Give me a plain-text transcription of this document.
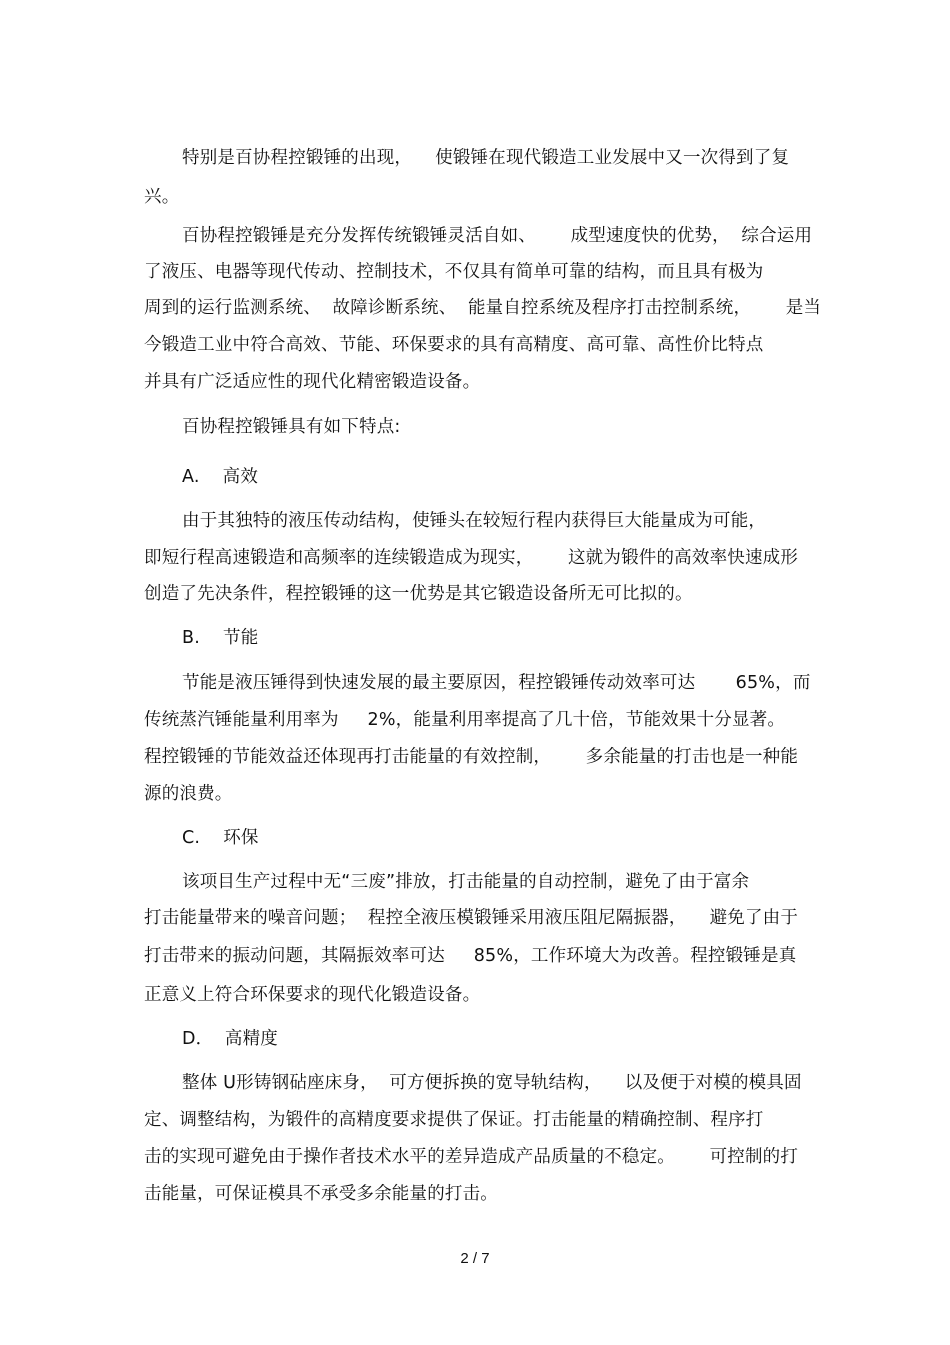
特别是百协程控锻锤的出现，    使锻锤在现代锻造工业发展中又一次得到了复
兴。
百协程控锻锤是充分发挥传统锻锤灵活自如、      成型速度快的优势，  综合运用
了液压、电器等现代传动、控制技术，不仅具有简单可靠的结构，而且具有极为
周到的运行监测系统、  故障诊断系统、  能量自控系统及程序打击控制系统，      是当
今锻造工业中符合高效、节能、环保要求的具有高精度、高可靠、高性价比特点
并具有广泛适应性的现代化精密锻造设备。
百协程控锻锤具有如下特点:
A.    高效
由于其独特的液压传动结构，使锤头在较短行程内获得巨大能量成为可能，
即短行程高速锻造和高频率的连续锻造成为现实，      这就为锻件的高效率快速成形
创造了先决条件，程控锻锤的这一优势是其它锻造设备所无可比拟的。
B.    节能
节能是液压锤得到快速发展的最主要原因，程控锻锤传动效率可达       65%，而
传统蒸汽锤能量利用率为     2%，能量利用率提高了几十倍，节能效果十分显著。
程控锻锤的节能效益还体现再打击能量的有效控制，      多余能量的打击也是一种能
源的浪费。
C.    环保
该项目生产过程中无“三废”排放，打击能量的自动控制，避免了由于富余
打击能量带来的噪音问题；  程控全液压模锻锤采用液压阻尼隔振器，    避免了由于
打击带来的振动问题，其隔振效率可达     85%，工作环境大为改善。程控锻锤是真
正意义上符合环保要求的现代化锻造设备。
D．  高精度
整体 U形铸钢砧座床身，  可方便拆换的宽导轨结构，    以及便于对模的模具固
定、调整结构，为锻件的高精度要求提供了保证。打击能量的精确控制、程序打
击的实现可避免由于操作者技术水平的差异造成产品质量的不稳定。      可控制的打
击能量，可保证模具不承受多余能量的打击。
2 / 7
